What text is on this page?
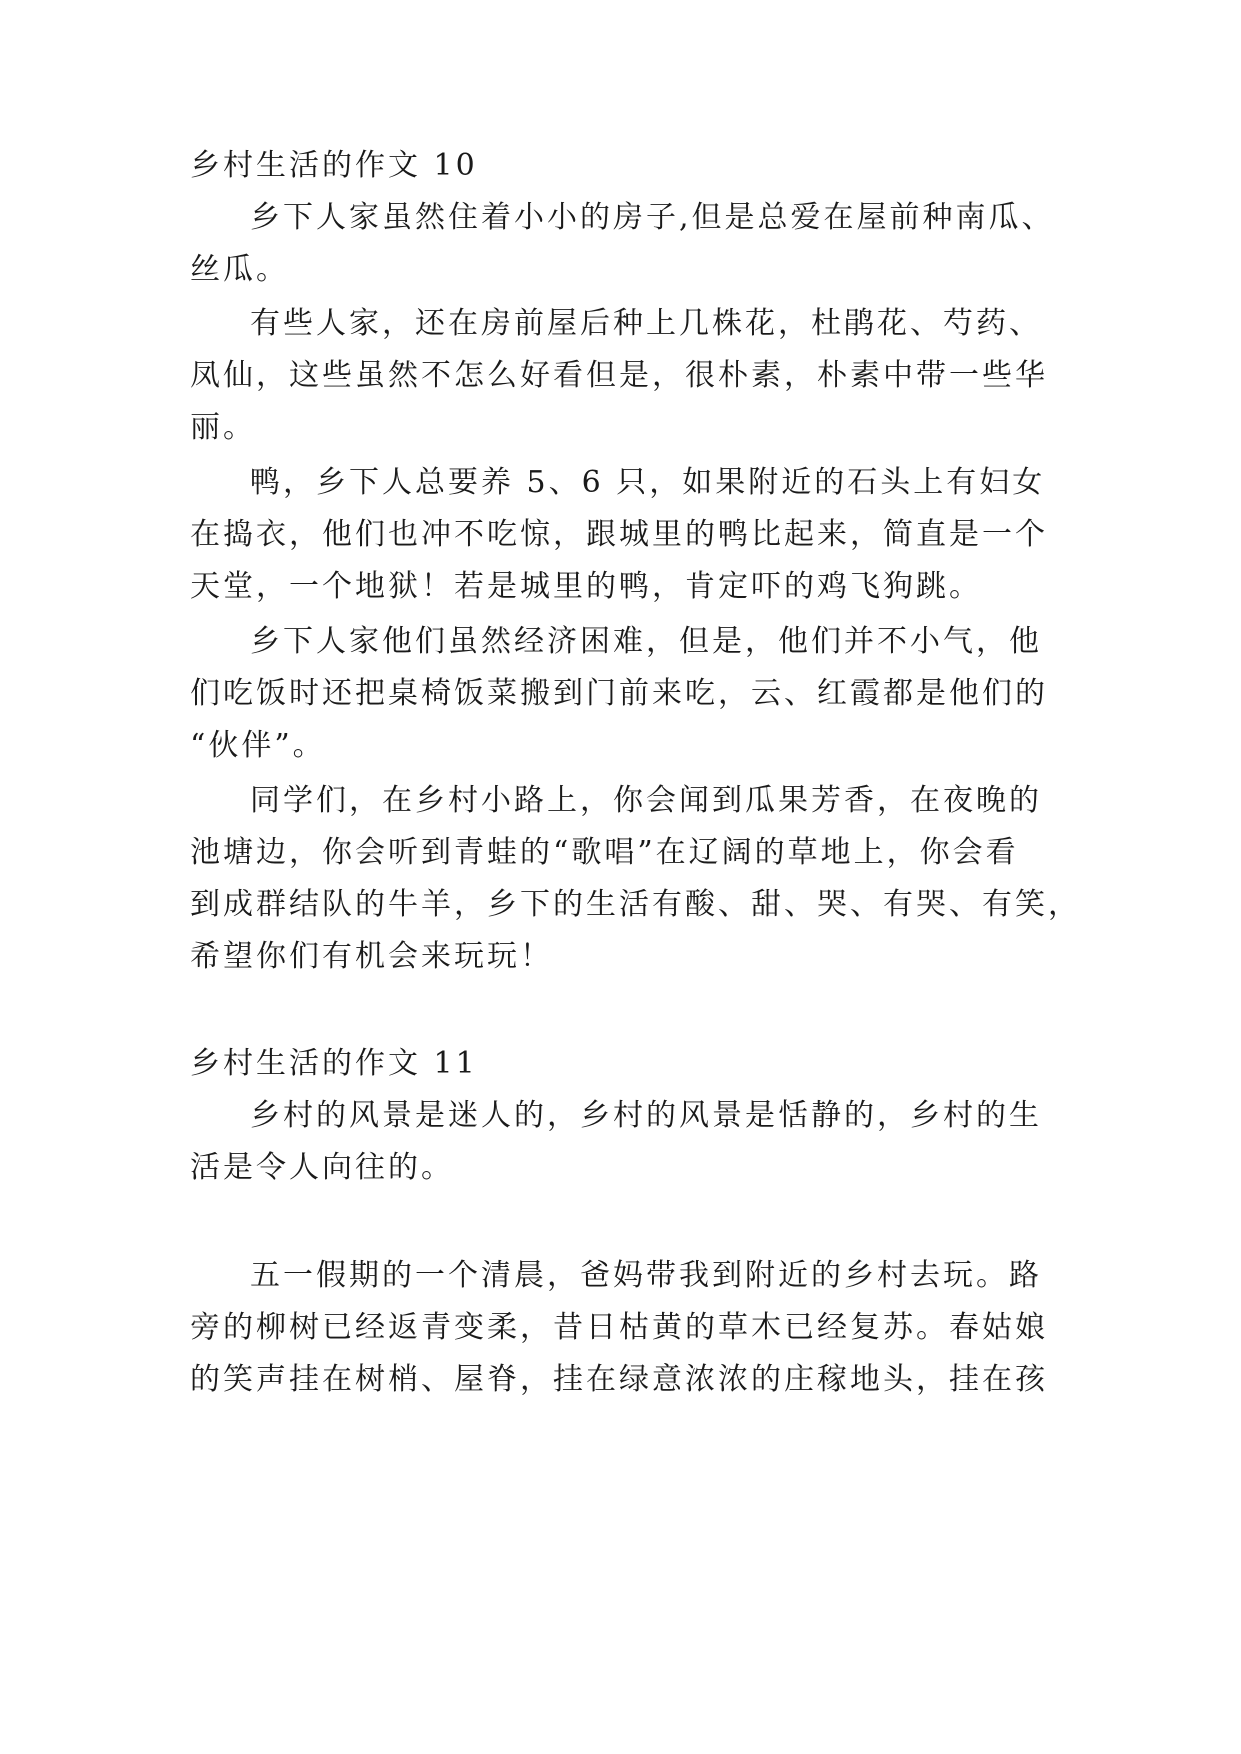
乡村生活的作文 10
乡下人家虽然住着小小的房子,但是总爱在屋前种南瓜、
丝瓜。
有些人家，还在房前屋后种上几株花，杜鹃花、芍药、
凤仙，这些虽然不怎么好看但是，很朴素，朴素中带一些华
丽。
鸭，乡下人总要养 5、6 只，如果附近的石头上有妇女
在捣衣，他们也冲不吃惊，跟城里的鸭比起来，简直是一个
天堂，一个地狱！若是城里的鸭，肯定吓的鸡飞狗跳。
乡下人家他们虽然经济困难，但是，他们并不小气，他
们吃饭时还把桌椅饭菜搬到门前来吃，云、红霞都是他们的
“伙伴”。
同学们，在乡村小路上，你会闻到瓜果芳香，在夜晚的
池塘边，你会听到青蛙的“歌唱”在辽阔的草地上，你会看
到成群结队的牛羊，乡下的生活有酸、甜、哭、有哭、有笑，
希望你们有机会来玩玩！
乡村生活的作文 11
乡村的风景是迷人的，乡村的风景是恬静的，乡村的生
活是令人向往的。
五一假期的一个清晨，爸妈带我到附近的乡村去玩。路
旁的柳树已经返青变柔，昔日枯黄的草木已经复苏。春姑娘
的笑声挂在树梢、屋脊，挂在绿意浓浓的庄稼地头，挂在孩
